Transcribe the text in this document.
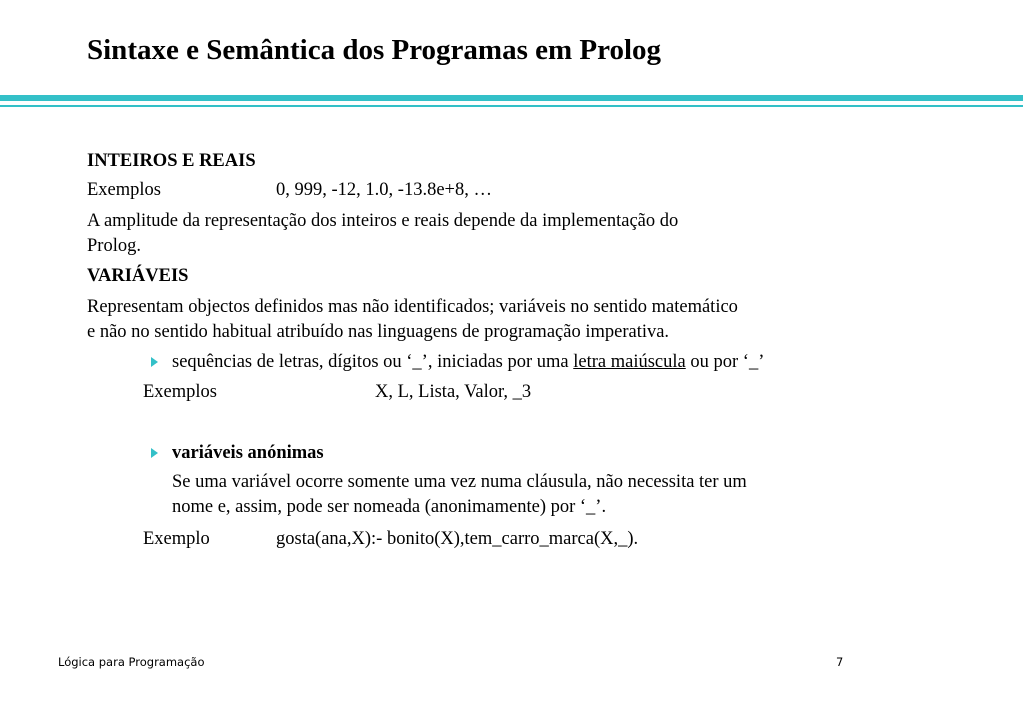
Sintaxe e Semântica dos Programas em Prolog
INTEIROS E REAIS
Exemplos	0, 999, -12, 1.0, -13.8e+8, …
A amplitude da representação dos inteiros e reais depende da implementação do
Prolog.
VARIÁVEIS
Representam objectos definidos mas não identificados; variáveis no sentido matemático
e não no sentido habitual atribuído nas linguagens de programação imperativa.
sequências de letras, dígitos ou ‘_’, iniciadas por uma letra maiúscula ou por ‘_’
Exemplos	X, L, Lista, Valor, _3
variáveis anónimas
Se uma variável ocorre somente uma vez numa cláusula, não necessita ter um
nome e, assim, pode ser nomeada (anonimamente) por ‘_’.
Exemplo	gosta(ana,X):- bonito(X),tem_carro_marca(X,_).
Lógica para Programação	7
